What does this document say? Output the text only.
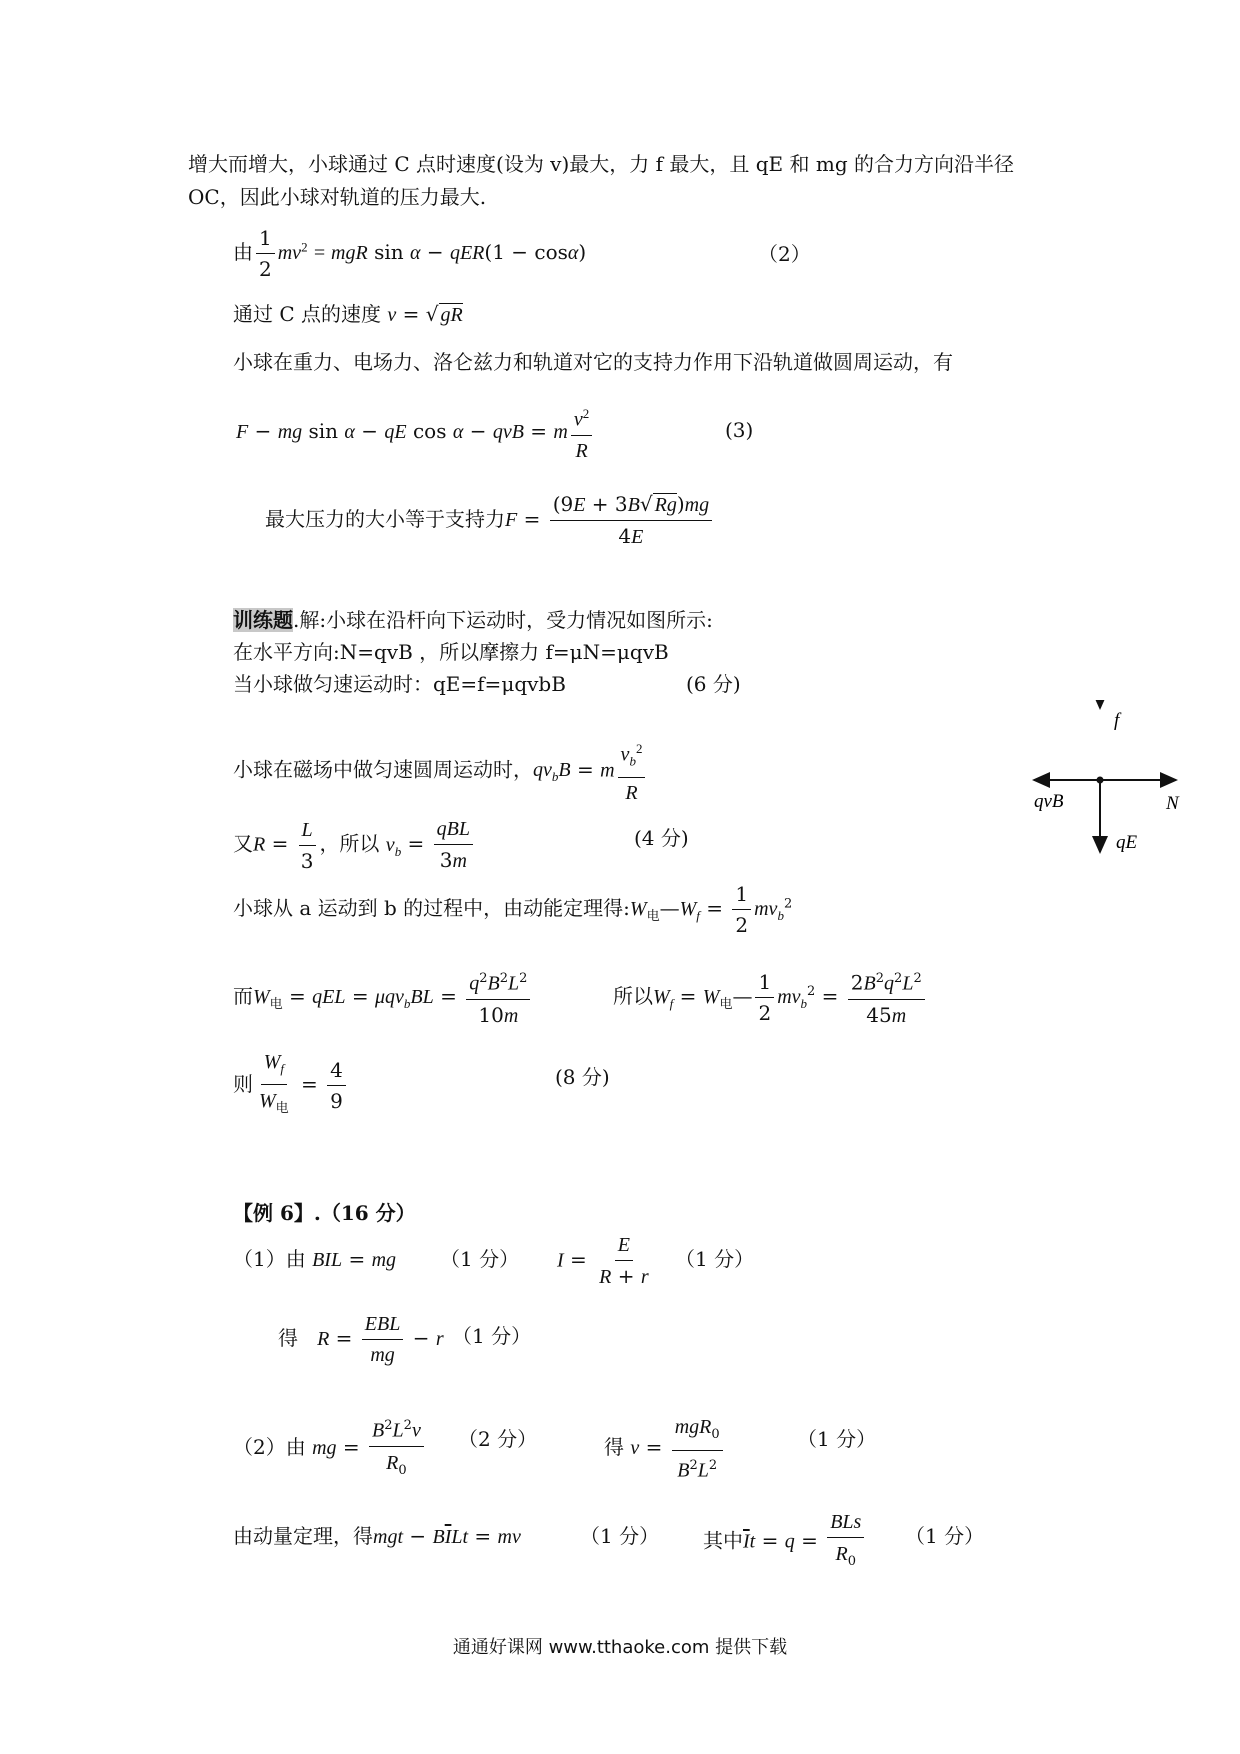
增大而增大，小球通过 C 点时速度(设为 v)最大，力 f 最大，且 qE 和 mg 的合力方向沿半径
OC，因此小球对轨道的压力最大.
由 $\frac{1}{2} mv^2$ = mgR sin α − qER(1 − cosα)	（2）
通过 C 点的速度 v = √ gR
小球在重力、电场力、洛仑兹力和轨道对它的支持力作用下沿轨道做圆周运动，有
F − mg sin α − qE cos α − qvB = m $\frac{v^2}{R}$	(3)
最大压力的大小等于支持力$F = \frac{(9E + 3B√ Rg)mg}{4E}$
训练题.解:小球在沿杆向下运动时，受力情况如图所示:
在水平方向:N=qvB ，所以摩擦力 f=μN=μqvB
当小球做匀速运动时：qE=f=μqvbB	(6 分)
小球在磁场中做匀速圆周运动时，$qv_bB = m \frac{v_b^2}{R}$
又$R = \frac{L}{3}$ ，所以 $v_b = \frac{\text{qBL}}{3m}$	(4 分)
小球从 a 运动到 b 的过程中，由动能定理得$:W_电—W_f = \frac{1}{2} mv_b^2$
而$W_电$ = qEL = $\mu qv_bBL = \frac{q^2B^2L^2}{10m}$	所以$W_f$ = $W_电— \frac{1}{2} mv_b^2 = \frac{2B^2q^2L^2}{45m}$
则 $\frac{W_f}{W_电} = \frac{4}{9}$	(8 分)
f
qvB	N
qE
【例 6】.（16 分）
（1）由 BIL = mg （1 分） $I = \frac{E}{R + r} (1$ 分）
得 $R = \frac{\text{EBL}}{mg} - r$ （1 分）
（2）由 mg = $\frac{B^2L^2v}{R_0} (2$ 分）	得 $v = \frac{mgR_0}{B^2L^2}$	（1 分）
由动量定理，得mgt − $B\overline{I}Lt$ = mv	（1 分） 其中$\overline{I}t = q = \frac{\text{BLs}}{R_0} (1$ 分）
通通好课网 www.tthaoke.com 提供下载
